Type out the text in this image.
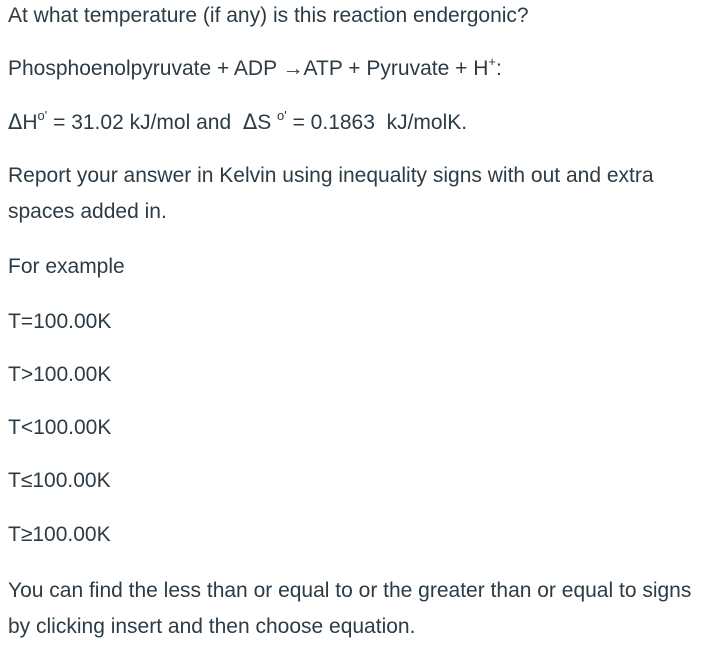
At what temperature (if any) is this reaction endergonic?
Phosphoenolpyruvate + ADP →ATP + Pyruvate + H+:
$\Delta H^{o'} = 31.02$ kJ/mol and  ΔS $^{o'}$ = 0.1863  kJ/molK.
Report your answer in Kelvin using inequality signs with out and extra spaces added in.
For example
T=100.00K
T>100.00K
T<100.00K
T≤100.00K
T≥100.00K
You can find the less than or equal to or the greater than or equal to signs by clicking insert and then choose equation.
